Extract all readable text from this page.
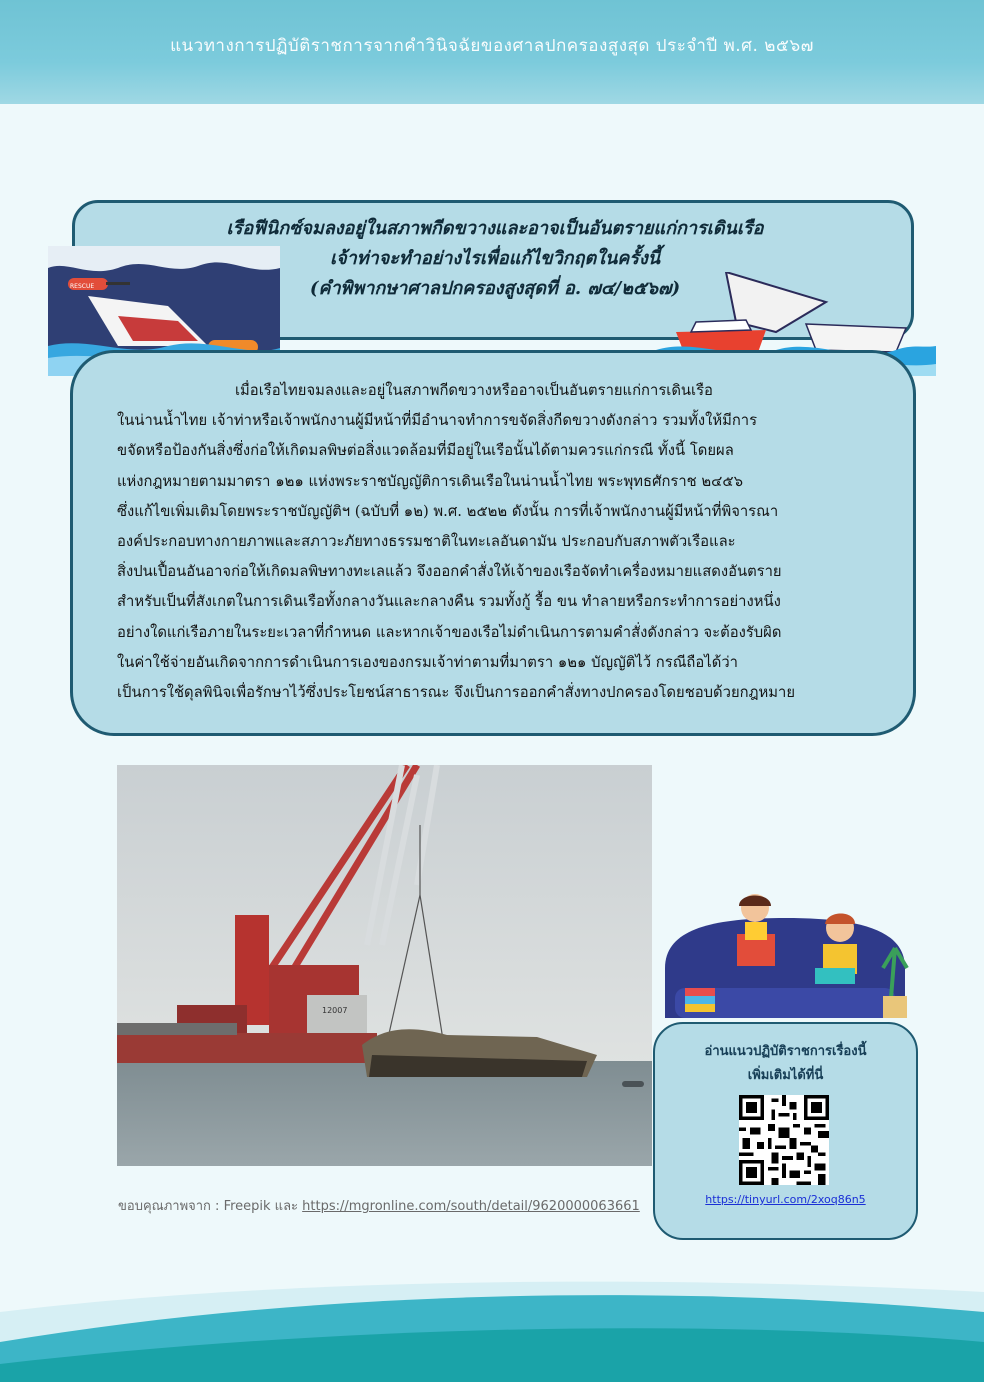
แนวทางการปฏิบัติราชการจากคำวินิจฉัยของศาลปกครองสูงสุด ประจำปี พ.ศ. ๒๕๖๗
เรือฟีนิกซ์จมลงอยู่ในสภาพกีดขวางและอาจเป็นอันตรายแก่การเดินเรือ
เจ้าท่าจะทำอย่างไรเพื่อแก้ไขวิกฤตในครั้งนี้
(คำพิพากษาศาลปกครองสูงสุดที่ อ. ๗๔/๒๕๖๗)
RESCUE
เมื่อเรือไทยจมลงและอยู่ในสภาพกีดขวางหรืออาจเป็นอันตรายแก่การเดินเรือ
ในน่านน้ำไทย เจ้าท่าหรือเจ้าพนักงานผู้มีหน้าที่มีอำนาจทำการขจัดสิ่งกีดขวางดังกล่าว รวมทั้งให้มีการ
ขจัดหรือป้องกันสิ่งซึ่งก่อให้เกิดมลพิษต่อสิ่งแวดล้อมที่มีอยู่ในเรือนั้นได้ตามควรแก่กรณี ทั้งนี้ โดยผล
แห่งกฎหมายตามมาตรา ๑๒๑ แห่งพระราชบัญญัติการเดินเรือในน่านน้ำไทย พระพุทธศักราช ๒๔๕๖
ซึ่งแก้ไขเพิ่มเติมโดยพระราชบัญญัติฯ (ฉบับที่ ๑๒) พ.ศ. ๒๕๒๒ ดังนั้น การที่เจ้าพนักงานผู้มีหน้าที่พิจารณา
องค์ประกอบทางกายภาพและสภาวะภัยทางธรรมชาติในทะเลอันดามัน ประกอบกับสภาพตัวเรือและ
สิ่งปนเปื้อนอันอาจก่อให้เกิดมลพิษทางทะเลแล้ว จึงออกคำสั่งให้เจ้าของเรือจัดทำเครื่องหมายแสดงอันตราย
สำหรับเป็นที่สังเกตในการเดินเรือทั้งกลางวันและกลางคืน รวมทั้งกู้ รื้อ ขน ทำลายหรือกระทำการอย่างหนึ่ง
อย่างใดแก่เรือภายในระยะเวลาที่กำหนด และหากเจ้าของเรือไม่ดำเนินการตามคำสั่งดังกล่าว จะต้องรับผิด
ในค่าใช้จ่ายอันเกิดจากการดำเนินการเองของกรมเจ้าท่าตามที่มาตรา ๑๒๑ บัญญัติไว้ กรณีถือได้ว่า
เป็นการใช้ดุลพินิจเพื่อรักษาไว้ซึ่งประโยชน์สาธารณะ จึงเป็นการออกคำสั่งทางปกครองโดยชอบด้วยกฎหมาย
12007
ขอบคุณภาพจาก : Freepik และ https://mgronline.com/south/detail/9620000063661
อ่านแนวปฏิบัติราชการเรื่องนี้
เพิ่มเติมได้ที่นี่
https://tinyurl.com/2xoq86n5
